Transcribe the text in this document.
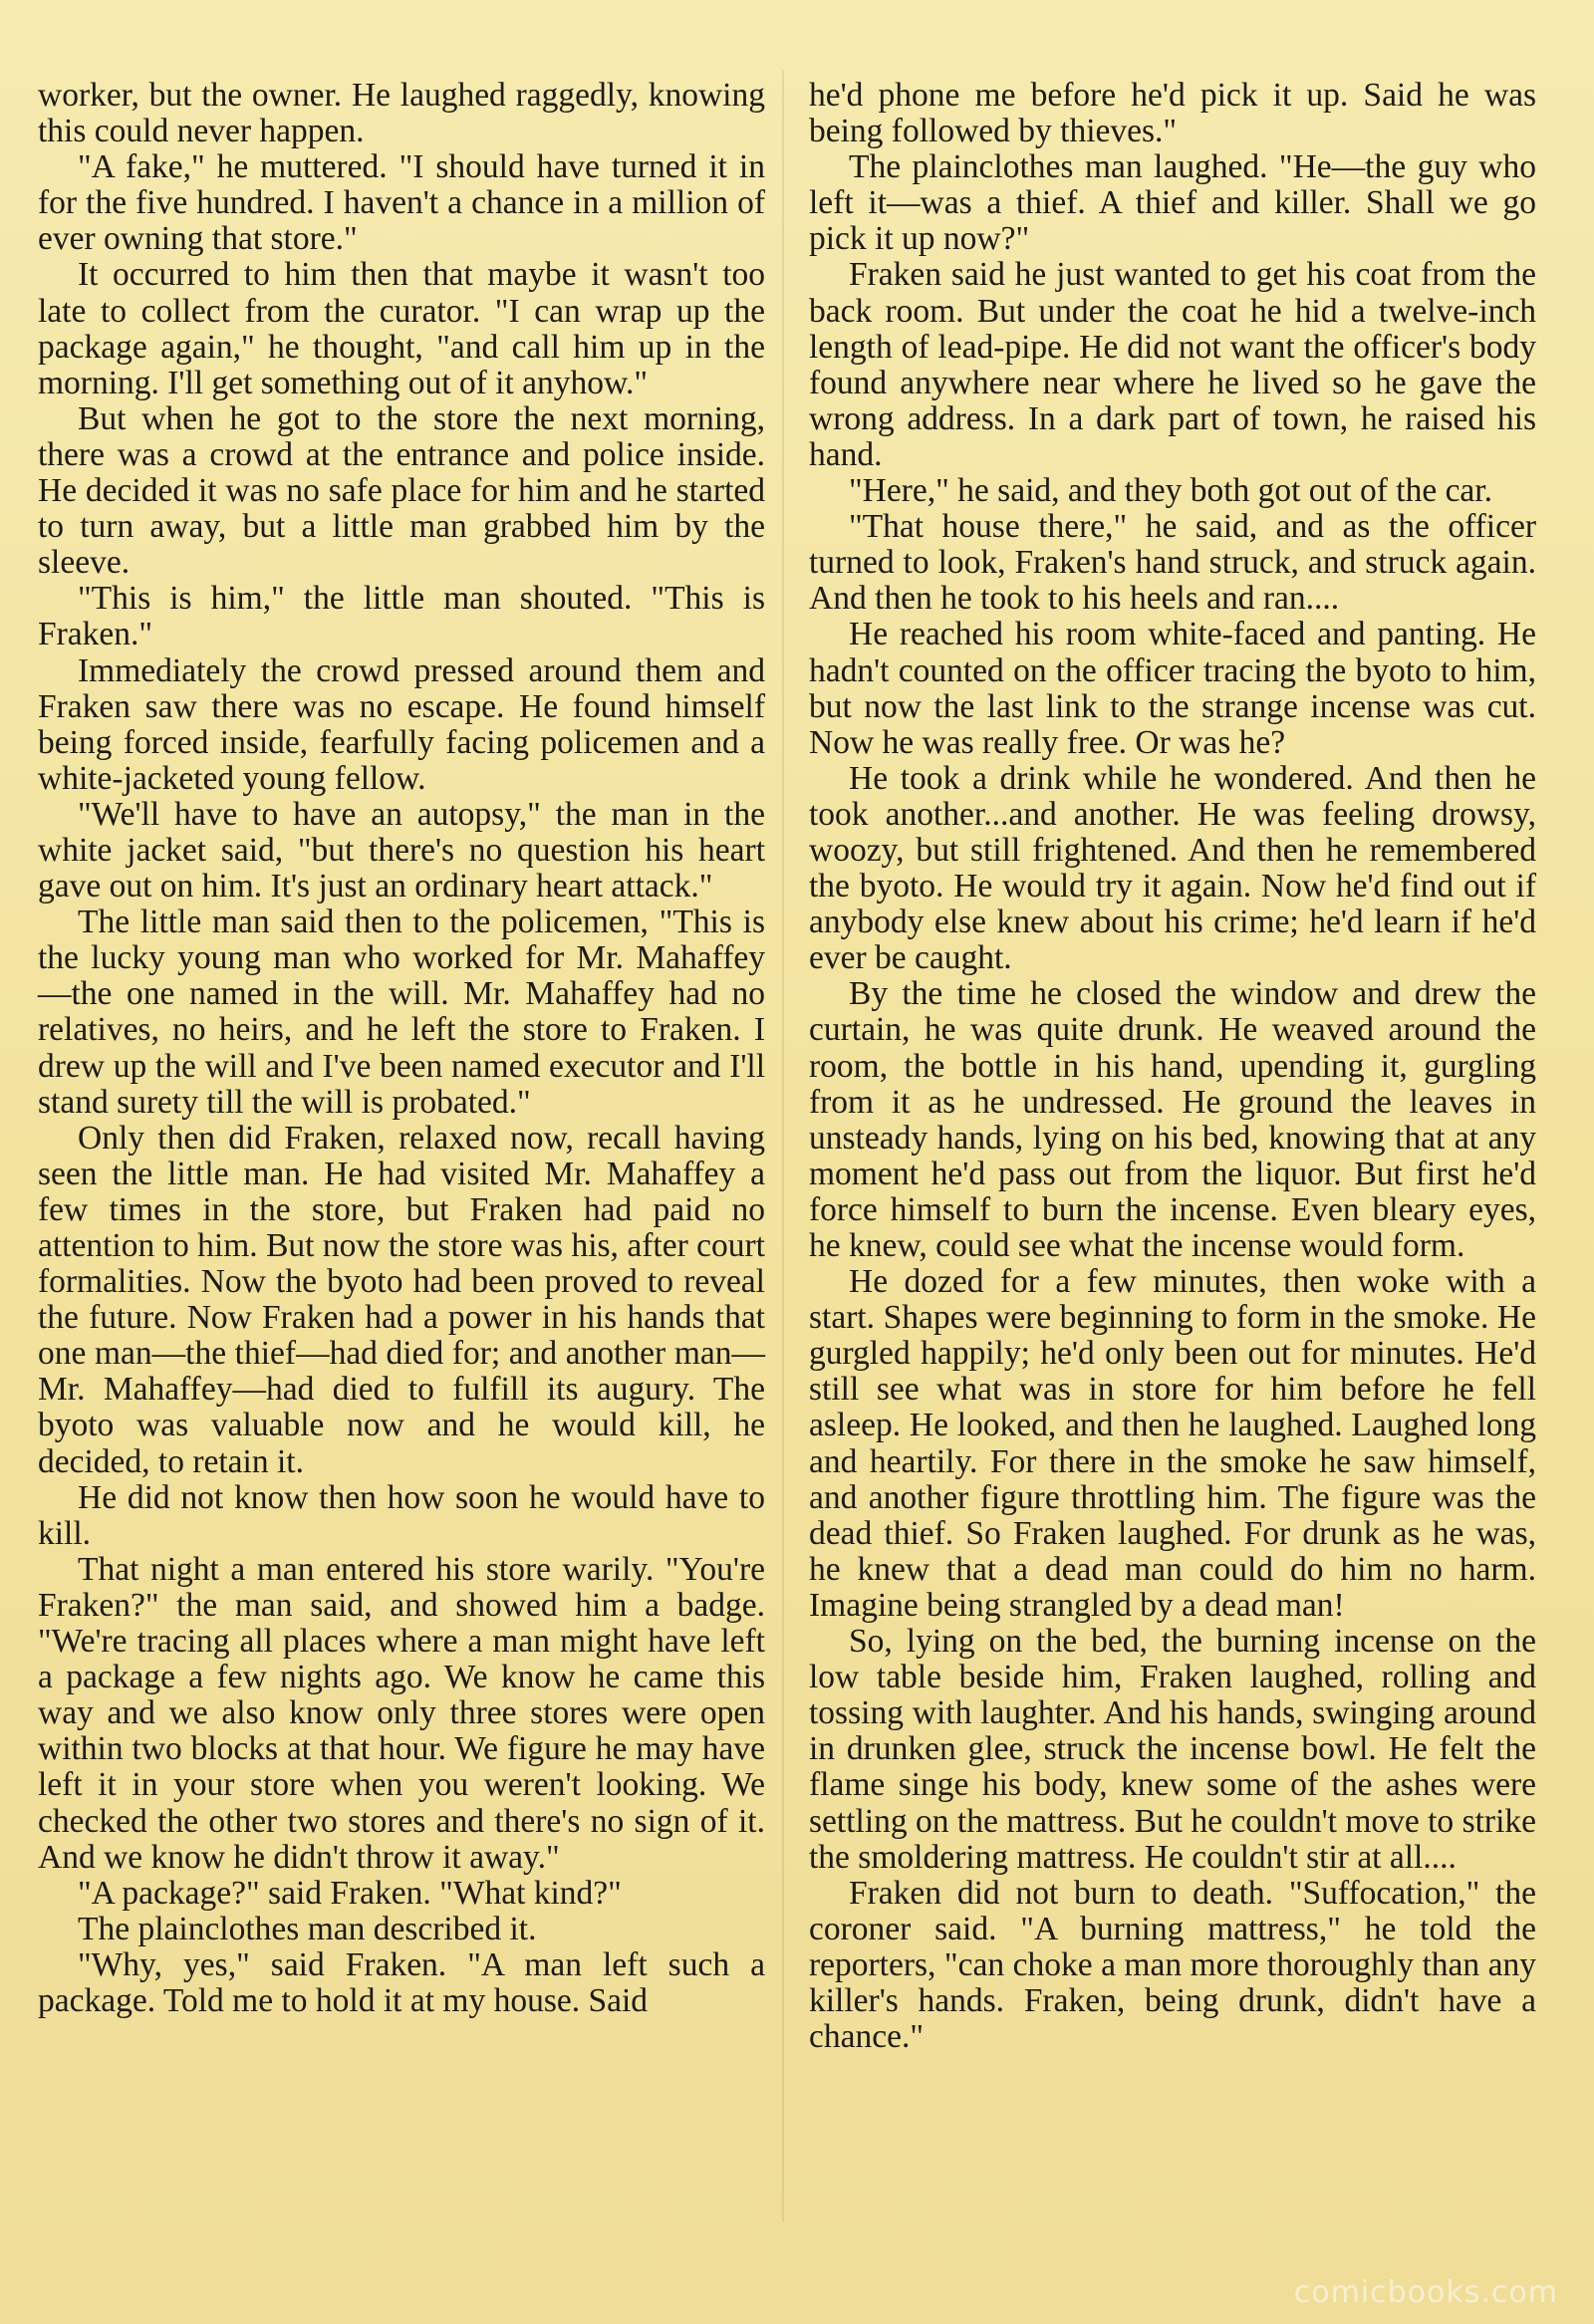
worker, but the owner. He laughed raggedly, knowing this could never happen.

"A fake," he muttered. "I should have turned it in for the five hundred. I haven't a chance in a million of ever owning that store."

It occurred to him then that maybe it wasn't too late to collect from the curator. "I can wrap up the package again," he thought, "and call him up in the morning. I'll get something out of it anyhow."

But when he got to the store the next morning, there was a crowd at the entrance and police inside. He decided it was no safe place for him and he started to turn away, but a little man grabbed him by the sleeve.

"This is him," the little man shouted. "This is Fraken."

Immediately the crowd pressed around them and Fraken saw there was no escape. He found himself being forced inside, fearfully facing policemen and a white-jacketed young fellow.

"We'll have to have an autopsy," the man in the white jacket said, "but there's no question his heart gave out on him. It's just an ordinary heart attack."

The little man said then to the policemen, "This is the lucky young man who worked for Mr. Mahaffey—the one named in the will. Mr. Mahaffey had no relatives, no heirs, and he left the store to Fraken. I drew up the will and I've been named executor and I'll stand surety till the will is probated."

Only then did Fraken, relaxed now, recall having seen the little man. He had visited Mr. Mahaffey a few times in the store, but Fraken had paid no attention to him. But now the store was his, after court formalities. Now the byoto had been proved to reveal the future. Now Fraken had a power in his hands that one man—the thief—had died for; and another man—Mr. Mahaffey—had died to fulfill its augury. The byoto was valuable now and he would kill, he decided, to retain it.

He did not know then how soon he would have to kill.

That night a man entered his store warily. "You're Fraken?" the man said, and showed him a badge. "We're tracing all places where a man might have left a package a few nights ago. We know he came this way and we also know only three stores were open within two blocks at that hour. We figure he may have left it in your store when you weren't looking. We checked the other two stores and there's no sign of it. And we know he didn't throw it away."

"A package?" said Fraken. "What kind?"

The plainclothes man described it.

"Why, yes," said Fraken. "A man left such a package. Told me to hold it at my house. Said

he'd phone me before he'd pick it up. Said he was being followed by thieves."

The plainclothes man laughed. "He—the guy who left it—was a thief. A thief and killer. Shall we go pick it up now?"

Fraken said he just wanted to get his coat from the back room. But under the coat he hid a twelve-inch length of lead-pipe. He did not want the officer's body found anywhere near where he lived so he gave the wrong address. In a dark part of town, he raised his hand.

"Here," he said, and they both got out of the car.

"That house there," he said, and as the officer turned to look, Fraken's hand struck, and struck again. And then he took to his heels and ran....

He reached his room white-faced and panting. He hadn't counted on the officer tracing the byoto to him, but now the last link to the strange incense was cut. Now he was really free. Or was he?

He took a drink while he wondered. And then he took another...and another. He was feeling drowsy, woozy, but still frightened. And then he remembered the byoto. He would try it again. Now he'd find out if anybody else knew about his crime; he'd learn if he'd ever be caught.

By the time he closed the window and drew the curtain, he was quite drunk. He weaved around the room, the bottle in his hand, upending it, gurgling from it as he undressed. He ground the leaves in unsteady hands, lying on his bed, knowing that at any moment he'd pass out from the liquor. But first he'd force himself to burn the incense. Even bleary eyes, he knew, could see what the incense would form.

He dozed for a few minutes, then woke with a start. Shapes were beginning to form in the smoke. He gurgled happily; he'd only been out for minutes. He'd still see what was in store for him before he fell asleep. He looked, and then he laughed. Laughed long and heartily. For there in the smoke he saw himself, and another figure throttling him. The figure was the dead thief. So Fraken laughed. For drunk as he was, he knew that a dead man could do him no harm. Imagine being strangled by a dead man!

So, lying on the bed, the burning incense on the low table beside him, Fraken laughed, rolling and tossing with laughter. And his hands, swinging around in drunken glee, struck the incense bowl. He felt the flame singe his body, knew some of the ashes were settling on the mattress. But he couldn't move to strike the smoldering mattress. He couldn't stir at all....

Fraken did not burn to death. "Suffocation," the coroner said. "A burning mattress," he told the reporters, "can choke a man more thoroughly than any killer's hands. Fraken, being drunk, didn't have a chance."

comicbooks.com
